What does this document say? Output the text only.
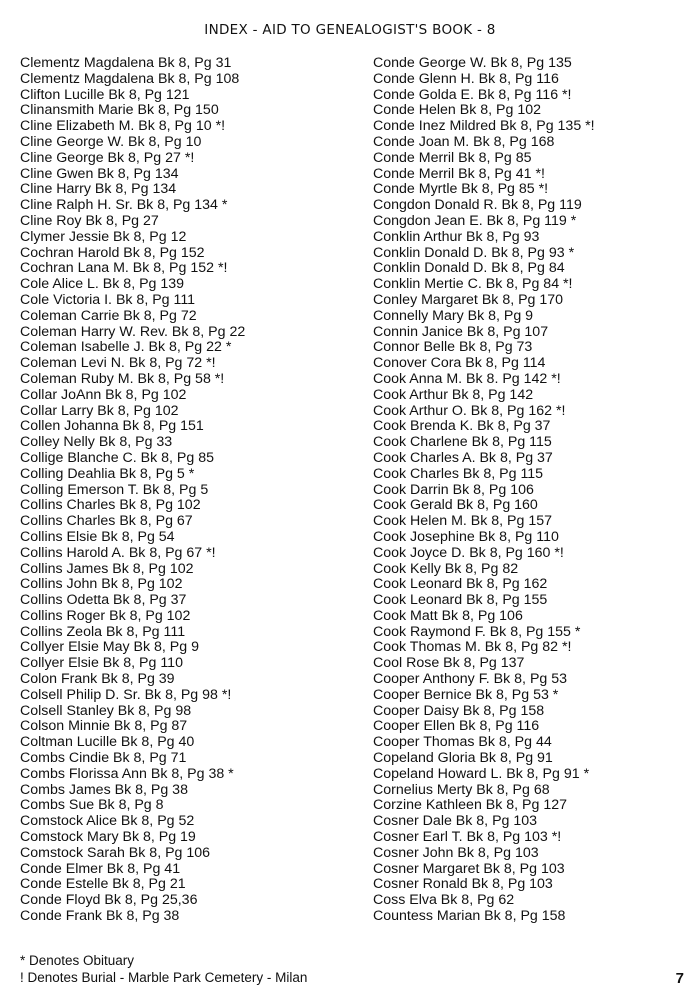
INDEX - AID TO GENEALOGIST'S BOOK - 8
Clementz Magdalena Bk 8, Pg 31
Clementz Magdalena Bk 8, Pg 108
Clifton Lucille Bk 8, Pg 121
Clinansmith Marie Bk 8, Pg 150
Cline Elizabeth M. Bk 8, Pg 10 *!
Cline George W. Bk 8, Pg 10
Cline George Bk 8, Pg 27 *!
Cline Gwen Bk 8, Pg 134
Cline Harry Bk 8, Pg 134
Cline Ralph H. Sr. Bk 8, Pg 134 *
Cline Roy Bk 8, Pg 27
Clymer Jessie Bk 8, Pg 12
Cochran Harold Bk 8, Pg 152
Cochran Lana M. Bk 8, Pg 152 *!
Cole Alice L. Bk 8, Pg 139
Cole Victoria I. Bk 8, Pg 111
Coleman Carrie Bk 8, Pg 72
Coleman Harry W. Rev. Bk 8, Pg 22
Coleman Isabelle J. Bk 8, Pg 22 *
Coleman Levi N. Bk 8, Pg 72 *!
Coleman Ruby M. Bk 8, Pg 58 *!
Collar JoAnn Bk 8, Pg 102
Collar Larry Bk 8, Pg 102
Collen Johanna Bk 8, Pg 151
Colley Nelly Bk 8, Pg 33
Collige Blanche C. Bk 8, Pg 85
Colling Deahlia Bk 8, Pg 5 *
Colling Emerson T. Bk 8, Pg 5
Collins Charles Bk 8, Pg 102
Collins Charles Bk 8, Pg 67
Collins Elsie Bk 8, Pg 54
Collins Harold A. Bk 8, Pg 67 *!
Collins James Bk 8, Pg 102
Collins John Bk 8, Pg 102
Collins Odetta Bk 8, Pg 37
Collins Roger Bk 8, Pg 102
Collins Zeola Bk 8, Pg 111
Collyer Elsie May Bk 8, Pg 9
Collyer Elsie Bk 8, Pg 110
Colon Frank Bk 8, Pg 39
Colsell Philip D. Sr. Bk 8, Pg 98 *!
Colsell Stanley Bk 8, Pg 98
Colson Minnie Bk 8, Pg 87
Coltman Lucille Bk 8, Pg 40
Combs Cindie Bk 8, Pg 71
Combs Florissa Ann Bk 8, Pg 38 *
Combs James Bk 8, Pg 38
Combs Sue Bk 8, Pg 8
Comstock Alice Bk 8, Pg 52
Comstock Mary Bk 8, Pg 19
Comstock Sarah Bk 8, Pg 106
Conde Elmer Bk 8, Pg 41
Conde Estelle Bk 8, Pg 21
Conde Floyd Bk 8, Pg 25,36
Conde Frank Bk 8, Pg 38
Conde George W. Bk 8, Pg 135
Conde Glenn H. Bk 8, Pg 116
Conde Golda E. Bk 8, Pg 116 *!
Conde Helen Bk 8, Pg 102
Conde Inez Mildred Bk 8, Pg 135 *!
Conde Joan M. Bk 8, Pg 168
Conde Merril Bk 8, Pg 85
Conde Merril Bk 8, Pg 41 *!
Conde Myrtle Bk 8, Pg 85 *!
Congdon Donald R. Bk 8, Pg 119
Congdon Jean E. Bk 8, Pg 119 *
Conklin Arthur Bk 8, Pg 93
Conklin Donald D. Bk 8, Pg 93 *
Conklin Donald D. Bk 8, Pg 84
Conklin Mertie C. Bk 8, Pg 84 *!
Conley Margaret Bk 8, Pg 170
Connelly Mary Bk 8, Pg 9
Connin Janice Bk 8, Pg 107
Connor Belle Bk 8, Pg 73
Conover Cora Bk 8, Pg 114
Cook Anna M. Bk 8. Pg 142 *!
Cook Arthur Bk 8, Pg 142
Cook Arthur O. Bk 8, Pg 162 *!
Cook Brenda K. Bk 8, Pg 37
Cook Charlene Bk 8, Pg 115
Cook Charles A. Bk 8, Pg 37
Cook Charles Bk 8, Pg 115
Cook Darrin Bk 8, Pg 106
Cook Gerald Bk 8, Pg 160
Cook Helen M. Bk 8, Pg 157
Cook Josephine Bk 8, Pg 110
Cook Joyce D. Bk 8, Pg 160 *!
Cook Kelly Bk 8, Pg 82
Cook Leonard Bk 8, Pg 162
Cook Leonard Bk 8, Pg 155
Cook Matt Bk 8, Pg 106
Cook Raymond F. Bk 8, Pg 155 *
Cook Thomas M. Bk 8, Pg 82 *!
Cool Rose Bk 8, Pg 137
Cooper Anthony F. Bk 8, Pg 53
Cooper Bernice Bk 8, Pg 53 *
Cooper Daisy Bk 8, Pg 158
Cooper Ellen Bk 8, Pg 116
Cooper Thomas Bk 8, Pg 44
Copeland Gloria Bk 8, Pg 91
Copeland Howard L. Bk 8, Pg 91 *
Cornelius Merty Bk 8, Pg 68
Corzine Kathleen Bk 8, Pg 127
Cosner Dale Bk 8, Pg 103
Cosner Earl T. Bk 8, Pg 103 *!
Cosner John Bk 8, Pg 103
Cosner Margaret Bk 8, Pg 103
Cosner Ronald Bk 8, Pg 103
Coss Elva Bk 8, Pg 62
Countess Marian Bk 8, Pg 158
* Denotes Obituary
! Denotes Burial - Marble Park Cemetery - Milan	7
